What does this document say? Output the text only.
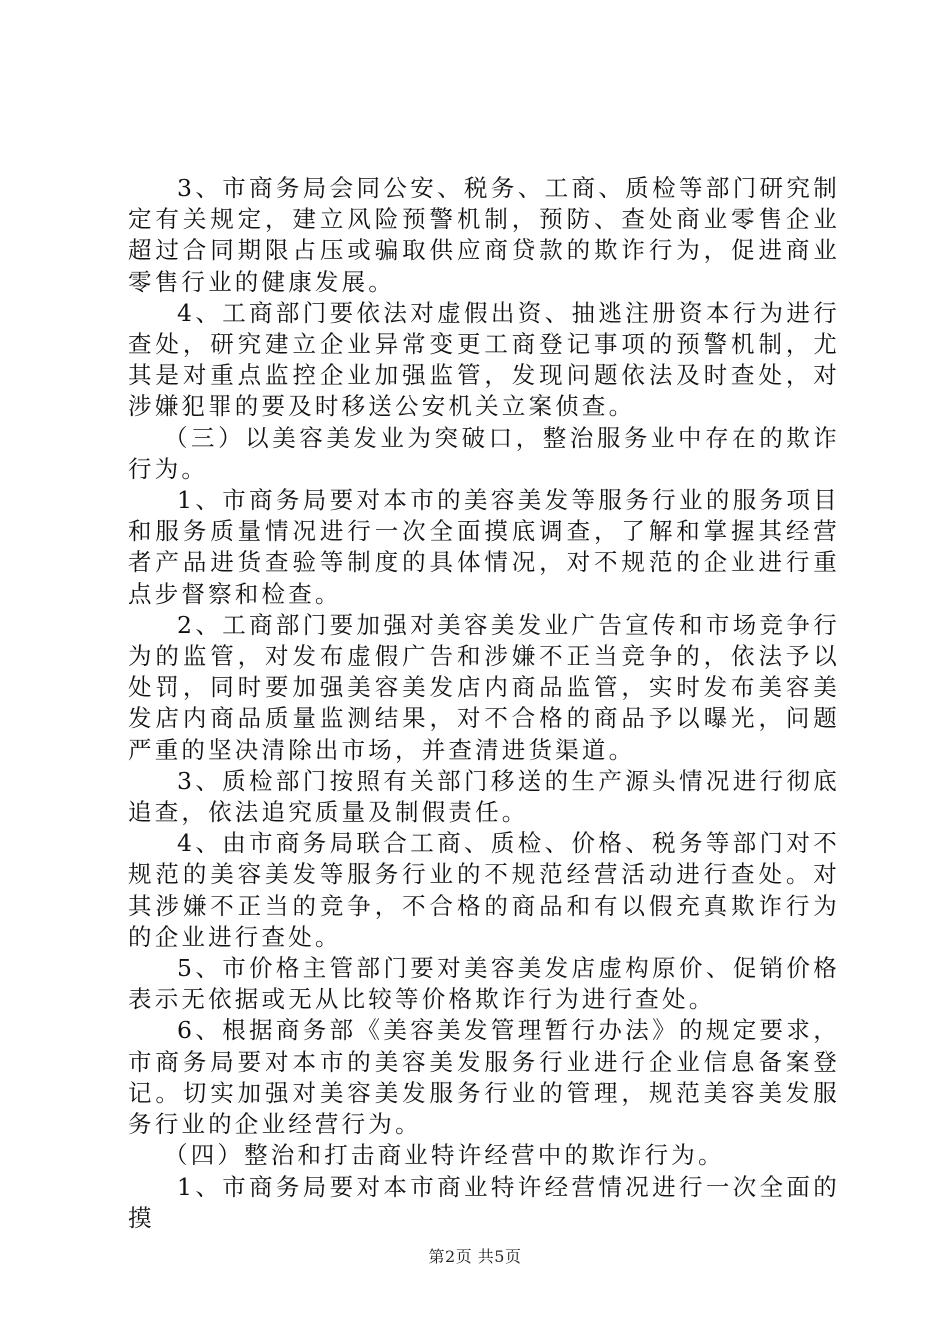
3、市商务局会同公安、税务、工商、质检等部门研究制定有关规定，建立风险预警机制，预防、查处商业零售企业超过合同期限占压或骗取供应商贷款的欺诈行为，促进商业零售行业的健康发展。

4、工商部门要依法对虚假出资、抽逃注册资本行为进行查处，研究建立企业异常变更工商登记事项的预警机制，尤其是对重点监控企业加强监管，发现问题依法及时查处，对涉嫌犯罪的要及时移送公安机关立案侦查。

（三）以美容美发业为突破口，整治服务业中存在的欺诈行为。

1、市商务局要对本市的美容美发等服务行业的服务项目和服务质量情况进行一次全面摸底调查，了解和掌握其经营者产品进货查验等制度的具体情况，对不规范的企业进行重点步督察和检查。

2、工商部门要加强对美容美发业广告宣传和市场竞争行为的监管，对发布虚假广告和涉嫌不正当竞争的，依法予以处罚，同时要加强美容美发店内商品监管，实时发布美容美发店内商品质量监测结果，对不合格的商品予以曝光，问题严重的坚决清除出市场，并查清进货渠道。

3、质检部门按照有关部门移送的生产源头情况进行彻底追查，依法追究质量及制假责任。

4、由市商务局联合工商、质检、价格、税务等部门对不规范的美容美发等服务行业的不规范经营活动进行查处。对其涉嫌不正当的竞争，不合格的商品和有以假充真欺诈行为的企业进行查处。

5、市价格主管部门要对美容美发店虚构原价、促销价格表示无依据或无从比较等价格欺诈行为进行查处。

6、根据商务部《美容美发管理暂行办法》的规定要求，市商务局要对本市的美容美发服务行业进行企业信息备案登记。切实加强对美容美发服务行业的管理，规范美容美发服务行业的企业经营行为。

（四）整治和打击商业特许经营中的欺诈行为。

1、市商务局要对本市商业特许经营情况进行一次全面的摸

第2页 共5页
